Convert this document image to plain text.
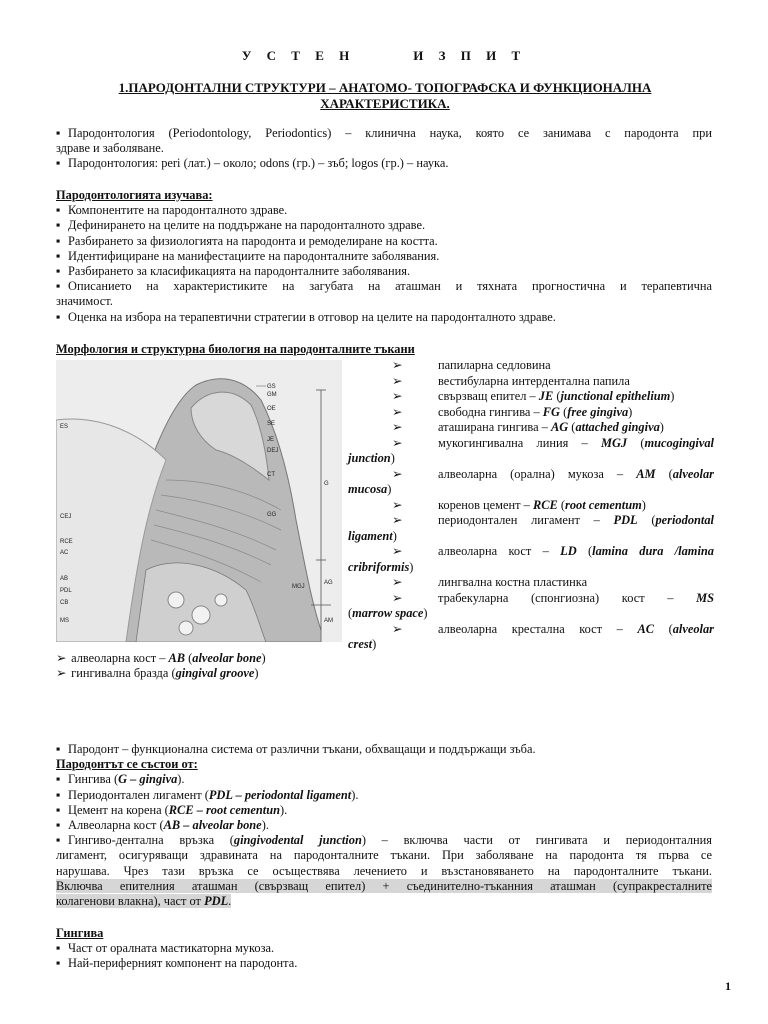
У С Т Е Н	И З П И Т
1.ПАРОДОНТАЛНИ СТРУКТУРИ – АНАТОМО- ТОПОГРАФСКА И ФУНКЦИОНАЛНА
ХАРАКТЕРИСТИКА.
▪ Пародонтология (Periodontology, Periodontics) – клинична наука, която се занимава с пародонта при
здраве и заболяване.
▪ Пародонтология: peri (лат.) – около; odons (гр.) – зъб; logos (гр.) – наука.
Пародонтологията изучава:
▪ Компонентите на пародонталното здраве.
▪ Дефинирането на целите на поддържане на пародонталното здраве.
▪ Разбирането за физиологията на пародонта и ремоделиране на костта.
▪ Идентифициране на манифестациите на пародонталните заболявания.
▪ Разбирането за класификацията на пародонталните заболявания.
▪ Описанието на характеристиките на загубата на аташман и тяхната прогностична и терапевтична
значимост.
▪ Оценка на избора на терапевтични стратегии в отговор на целите на пародонталното здраве.
Морфология и структурна биология на пародонталните тъкани
GS
GM
OE
SE
JE
DEJ
CT
GG
ES
CEJ
RCE
AC
AB
PDL
CB
MS
MGJ
G
AG
AM
➢	папиларна седловина
➢	вестибуларна интердентална папила
➢	свързващ епител – JE (junctional epithelium)
➢	свободна гингива – FG (free gingiva)
➢	аташирана гингива – AG (attached gingiva)
➢	мукогингивална линия – MGJ (mucogingival
junction)
➢	алвеоларна (орална) мукоза – AM (alveolar
mucosa)
➢	коренов цемент – RCE (root cementum)
➢	периодонтален лигамент – PDL (periodontal
ligament)
➢	алвеоларна кост – LD (lamina dura /lamina
cribriformis)
➢	лингвална костна пластинка
➢	трабекуларна (спонгиозна) кост – MS
(marrow space)
➢	алвеоларна кресталнa кост – AC (alveolar
crest)
➢ алвеоларна кост – AB (alveolar bone)
➢ гингивална бразда (gingival groove)
▪ Пародонт – функционална система от различни тъкани, обхващащи и поддържащи зъба.
Пародонтът се състои от:
▪ Гингива (G – gingiva).
▪ Периодонтален лигамент (PDL – periodontal ligament).
▪ Цемент на корена (RCE – root cementun).
▪ Алвеоларна кост (AB – alveolar bone).
▪ Гингиво-дентална връзка (gingivodental junction) – включва части от гингивата и периодонталния
лигамент, осигуряващи здравината на пародонталните тъкани. При заболяване на пародонта тя първа се
нарушава. Чрез тази връзка се осъществява лечението и възстановяването на пародонталните тъкани.
Включва епителния аташман (свързващ епител) + съединително-тъканния аташман (супракресталните
колагенови влакна), част от PDL.
Гингива
▪ Част от оралната мастикаторна мукоза.
▪ Най-периферният компонент на пародонта.
1
